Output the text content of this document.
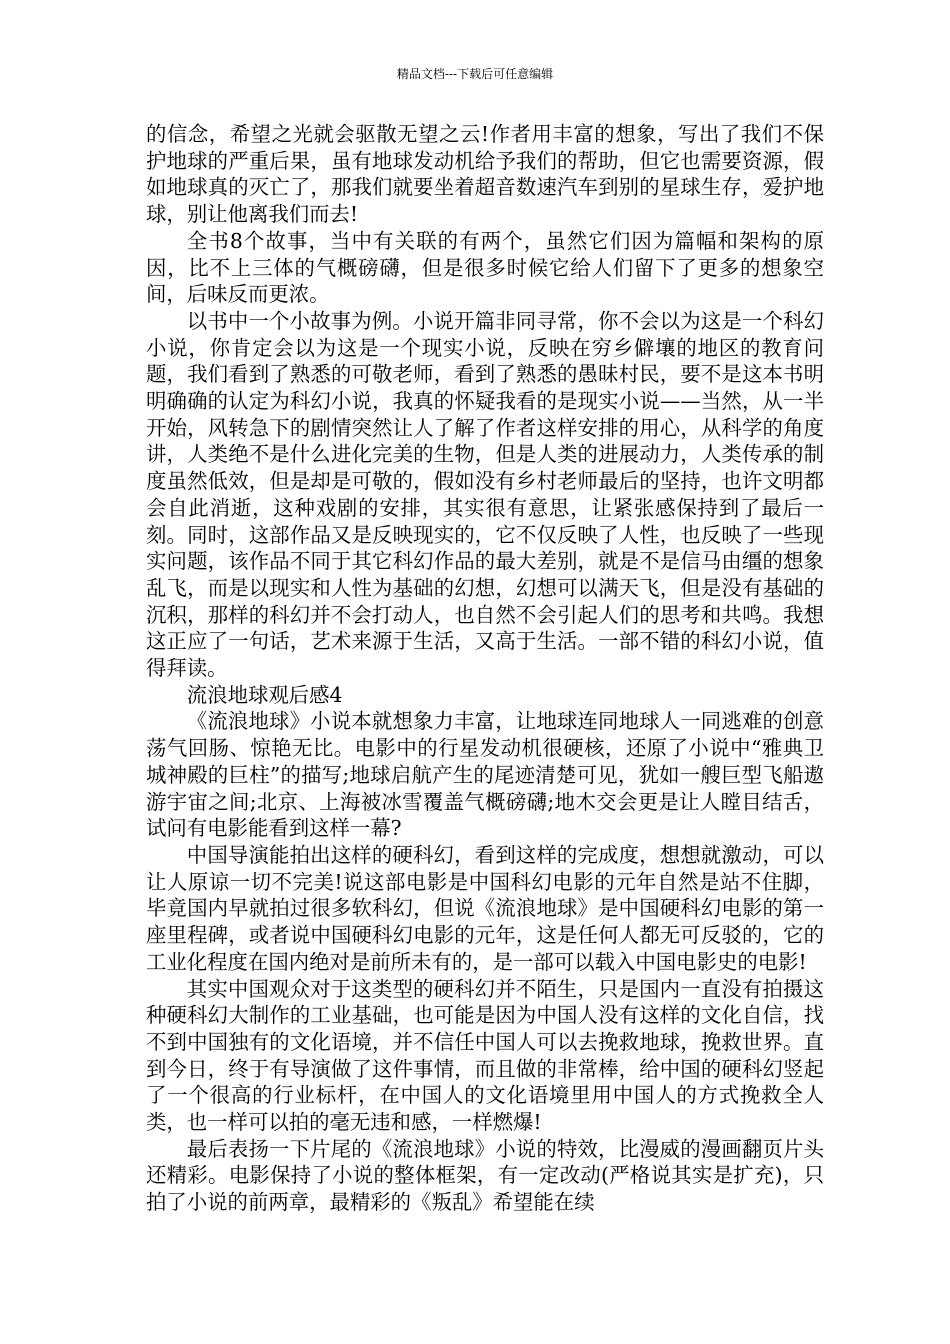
精品文档---下载后可任意编辑

的信念，希望之光就会驱散无望之云!作者用丰富的想象，写出了我们不保护地球的严重后果，虽有地球发动机给予我们的帮助，但它也需要资源，假如地球真的灭亡了，那我们就要坐着超音数速汽车到别的星球生存，爱护地球，别让他离我们而去!

全书8个故事，当中有关联的有两个，虽然它们因为篇幅和架构的原因，比不上三体的气概磅礴，但是很多时候它给人们留下了更多的想象空间，后味反而更浓。

以书中一个小故事为例。小说开篇非同寻常，你不会以为这是一个科幻小说，你肯定会以为这是一个现实小说，反映在穷乡僻壤的地区的教育问题，我们看到了熟悉的可敬老师，看到了熟悉的愚昧村民，要不是这本书明明确确的认定为科幻小说，我真的怀疑我看的是现实小说——当然，从一半开始，风转急下的剧情突然让人了解了作者这样安排的用心，从科学的角度讲，人类绝不是什么进化完美的生物，但是人类的进展动力，人类传承的制度虽然低效，但是却是可敬的，假如没有乡村老师最后的坚持，也许文明都会自此消逝，这种戏剧的安排，其实很有意思，让紧张感保持到了最后一刻。同时，这部作品又是反映现实的，它不仅反映了人性，也反映了一些现实问题，该作品不同于其它科幻作品的最大差别，就是不是信马由缰的想象乱飞，而是以现实和人性为基础的幻想，幻想可以满天飞，但是没有基础的沉积，那样的科幻并不会打动人，也自然不会引起人们的思考和共鸣。我想这正应了一句话，艺术来源于生活，又高于生活。一部不错的科幻小说，值得拜读。

流浪地球观后感4

《流浪地球》小说本就想象力丰富，让地球连同地球人一同逃难的创意荡气回肠、惊艳无比。电影中的行星发动机很硬核，还原了小说中“雅典卫城神殿的巨柱”的描写;地球启航产生的尾迹清楚可见，犹如一艘巨型飞船遨游宇宙之间;北京、上海被冰雪覆盖气概磅礴;地木交会更是让人瞠目结舌，试问有电影能看到这样一幕?

中国导演能拍出这样的硬科幻，看到这样的完成度，想想就激动，可以让人原谅一切不完美!说这部电影是中国科幻电影的元年自然是站不住脚，毕竟国内早就拍过很多软科幻，但说《流浪地球》是中国硬科幻电影的第一座里程碑，或者说中国硬科幻电影的元年，这是任何人都无可反驳的，它的工业化程度在国内绝对是前所未有的，是一部可以载入中国电影史的电影!

其实中国观众对于这类型的硬科幻并不陌生，只是国内一直没有拍摄这种硬科幻大制作的工业基础，也可能是因为中国人没有这样的文化自信，找不到中国独有的文化语境，并不信任中国人可以去挽救地球，挽救世界。直到今日，终于有导演做了这件事情，而且做的非常棒，给中国的硬科幻竖起了一个很高的行业标杆，在中国人的文化语境里用中国人的方式挽救全人类，也一样可以拍的毫无违和感，一样燃爆!

最后表扬一下片尾的《流浪地球》小说的特效，比漫威的漫画翻页片头还精彩。电影保持了小说的整体框架，有一定改动(严格说其实是扩充)，只拍了小说的前两章，最精彩的《叛乱》希望能在续
